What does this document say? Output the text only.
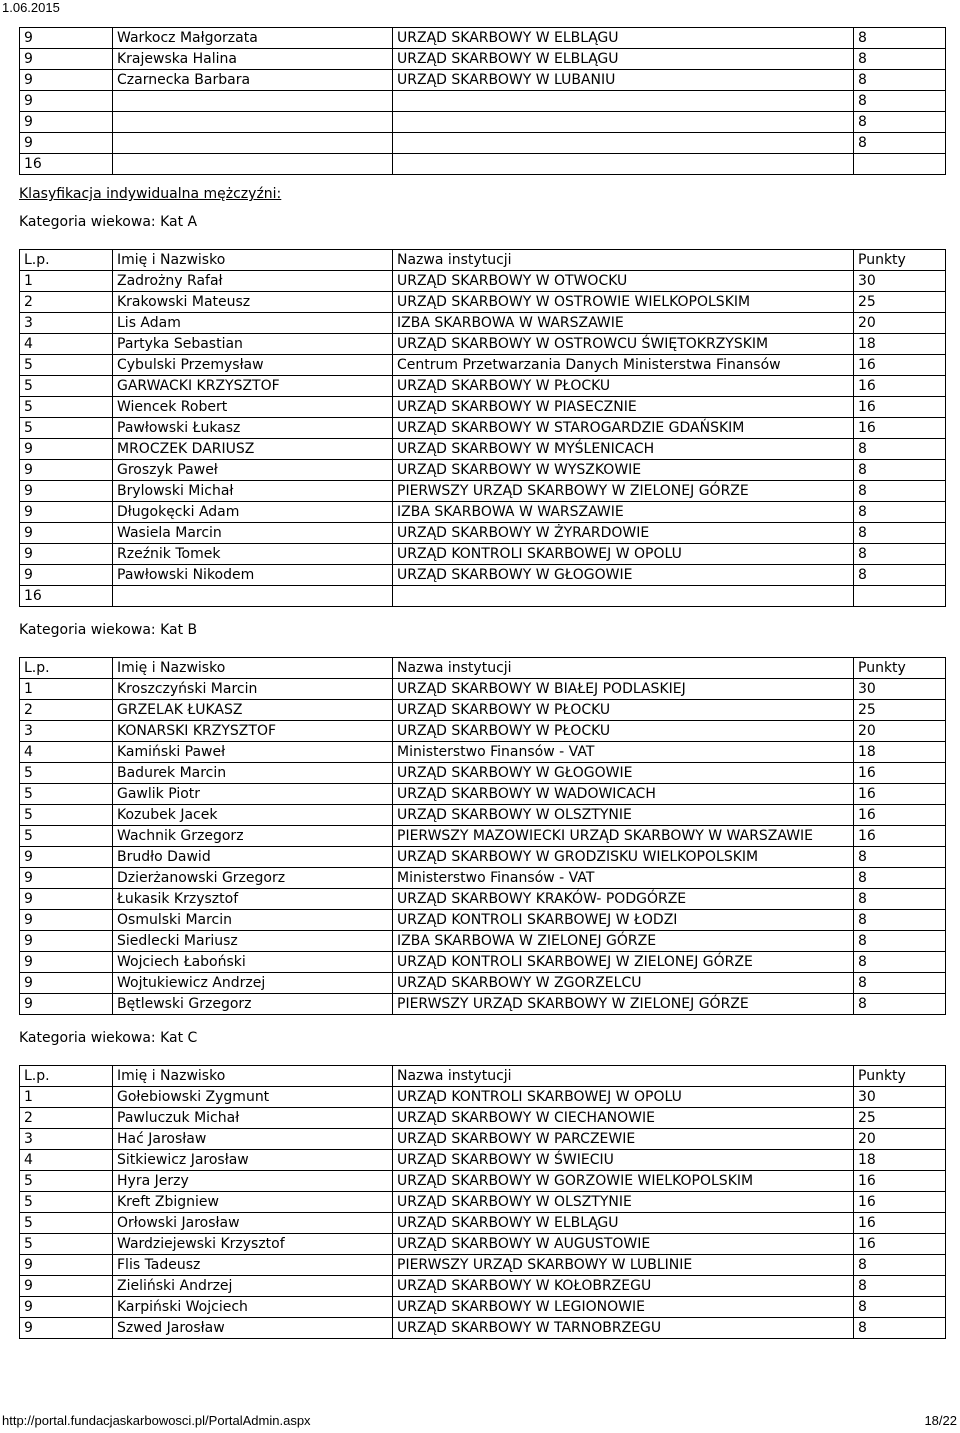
1.06.2015
9	Warkocz Małgorzata	URZĄD SKARBOWY W ELBLĄGU	8
9	Krajewska Halina	URZĄD SKARBOWY W ELBLĄGU	8
9	Czarnecka Barbara	URZĄD SKARBOWY W LUBANIU	8
9			8
9			8
9			8
16			
Klasyfikacja indywidualna mężczyźni:
Kategoria wiekowa: Kat A
L.p.	Imię i Nazwisko	Nazwa instytucji	Punkty
1	Zadrożny Rafał	URZĄD SKARBOWY W OTWOCKU	30
2	Krakowski Mateusz	URZĄD SKARBOWY W OSTROWIE WIELKOPOLSKIM	25
3	Lis Adam	IZBA SKARBOWA W WARSZAWIE	20
4	Partyka Sebastian	URZĄD SKARBOWY W OSTROWCU ŚWIĘTOKRZYSKIM	18
5	Cybulski Przemysław	Centrum Przetwarzania Danych Ministerstwa Finansów	16
5	GARWACKI KRZYSZTOF	URZĄD SKARBOWY W PŁOCKU	16
5	Wiencek Robert	URZĄD SKARBOWY W PIASECZNIE	16
5	Pawłowski Łukasz	URZĄD SKARBOWY W STAROGARDZIE GDAŃSKIM	16
9	MROCZEK DARIUSZ	URZĄD SKARBOWY W MYŚLENICACH	8
9	Groszyk Paweł	URZĄD SKARBOWY W WYSZKOWIE	8
9	Brylowski Michał	PIERWSZY URZĄD SKARBOWY W ZIELONEJ GÓRZE	8
9	Długokęcki Adam	IZBA SKARBOWA W WARSZAWIE	8
9	Wasiela Marcin	URZĄD SKARBOWY W ŻYRARDOWIE	8
9	Rzeźnik Tomek	URZĄD KONTROLI SKARBOWEJ W OPOLU	8
9	Pawłowski Nikodem	URZĄD SKARBOWY W GŁOGOWIE	8
16			
Kategoria wiekowa: Kat B
L.p.	Imię i Nazwisko	Nazwa instytucji	Punkty
1	Kroszczyński Marcin	URZĄD SKARBOWY W BIAŁEJ PODLASKIEJ	30
2	GRZELAK ŁUKASZ	URZĄD SKARBOWY W PŁOCKU	25
3	KONARSKI KRZYSZTOF	URZĄD SKARBOWY W PŁOCKU	20
4	Kamiński Paweł	Ministerstwo Finansów - VAT	18
5	Badurek Marcin	URZĄD SKARBOWY W GŁOGOWIE	16
5	Gawlik Piotr	URZĄD SKARBOWY W WADOWICACH	16
5	Kozubek Jacek	URZĄD SKARBOWY W OLSZTYNIE	16
5	Wachnik Grzegorz	PIERWSZY MAZOWIECKI URZĄD SKARBOWY W WARSZAWIE	16
9	Brudło Dawid	URZĄD SKARBOWY W GRODZISKU WIELKOPOLSKIM	8
9	Dzierżanowski Grzegorz	Ministerstwo Finansów - VAT	8
9	Łukasik Krzysztof	URZĄD SKARBOWY KRAKÓW- PODGÓRZE	8
9	Osmulski Marcin	URZĄD KONTROLI SKARBOWEJ W ŁODZI	8
9	Siedlecki Mariusz	IZBA SKARBOWA W ZIELONEJ GÓRZE	8
9	Wojciech Łaboński	URZĄD KONTROLI SKARBOWEJ W ZIELONEJ GÓRZE	8
9	Wojtukiewicz Andrzej	URZĄD SKARBOWY W ZGORZELCU	8
9	Bętlewski Grzegorz	PIERWSZY URZĄD SKARBOWY W ZIELONEJ GÓRZE	8
Kategoria wiekowa: Kat C
L.p.	Imię i Nazwisko	Nazwa instytucji	Punkty
1	Gołebiowski Zygmunt	URZĄD KONTROLI SKARBOWEJ W OPOLU	30
2	Pawluczuk Michał	URZĄD SKARBOWY W CIECHANOWIE	25
3	Hać Jarosław	URZĄD SKARBOWY W PARCZEWIE	20
4	Sitkiewicz Jarosław	URZĄD SKARBOWY W ŚWIECIU	18
5	Hyra Jerzy	URZĄD SKARBOWY W GORZOWIE WIELKOPOLSKIM	16
5	Kreft Zbigniew	URZĄD SKARBOWY W OLSZTYNIE	16
5	Orłowski Jarosław	URZĄD SKARBOWY W ELBLĄGU	16
5	Wardziejewski Krzysztof	URZĄD SKARBOWY W AUGUSTOWIE	16
9	Flis Tadeusz	PIERWSZY URZĄD SKARBOWY W LUBLINIE	8
9	Zieliński Andrzej	URZĄD SKARBOWY W KOŁOBRZEGU	8
9	Karpiński Wojciech	URZĄD SKARBOWY W LEGIONOWIE	8
9	Szwed Jarosław	URZĄD SKARBOWY W TARNOBRZEGU	8
http://portal.fundacjaskarbowosci.pl/PortalAdmin.aspx	18/22
